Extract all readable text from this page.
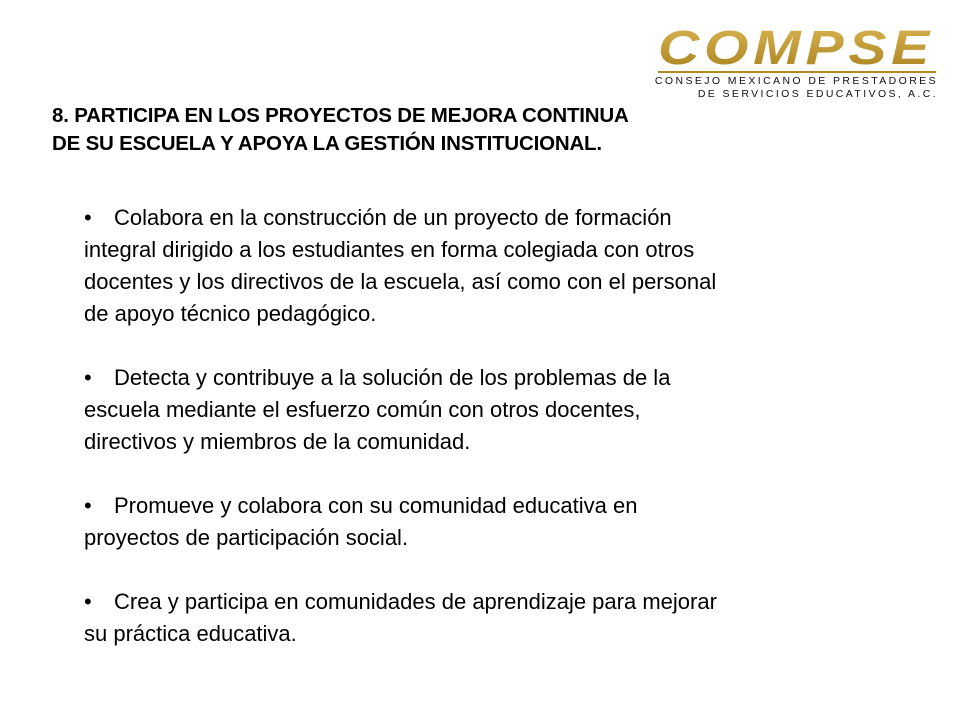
COMPSE
CONSEJO MEXICANO DE PRESTADORES
DE SERVICIOS EDUCATIVOS, A.C.
8. PARTICIPA EN LOS PROYECTOS DE MEJORA CONTINUA
DE SU ESCUELA Y APOYA LA GESTIÓN INSTITUCIONAL.
• Colabora en la construcción de un proyecto de formación
integral dirigido a los estudiantes en forma colegiada con otros
docentes y los directivos de la escuela, así como con el personal
de apoyo técnico pedagógico.
• Detecta y contribuye a la solución de los problemas de la
escuela mediante el esfuerzo común con otros docentes,
directivos y miembros de la comunidad.
• Promueve y colabora con su comunidad educativa en
proyectos de participación social.
• Crea y participa en comunidades de aprendizaje para mejorar
su práctica educativa.
